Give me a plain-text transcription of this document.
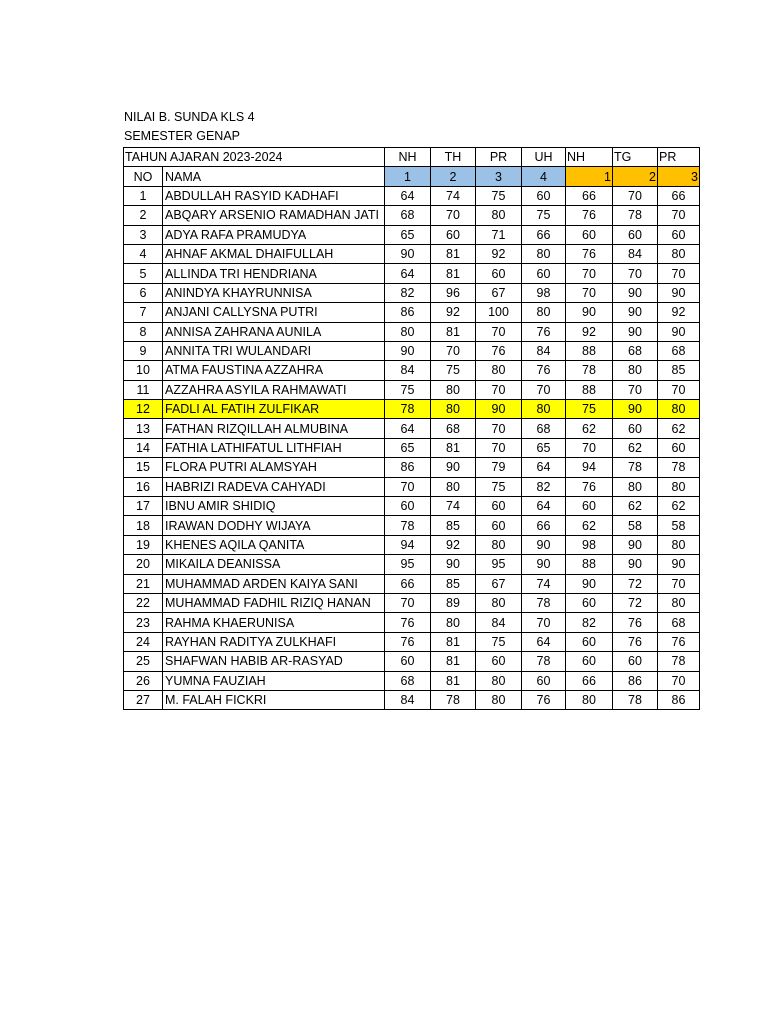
NILAI B. SUNDA KLS 4
SEMESTER GENAP
TAHUN AJARAN 2023-2024		NH	TH	PR	UH	NH	TG	PR
NO	NAMA	1	2	3	4	1	2	3
1	ABDULLAH RASYID KADHAFI	64	74	75	60	66	70	66
2	ABQARY ARSENIO RAMADHAN JATI	68	70	80	75	76	78	70
3	ADYA RAFA PRAMUDYA	65	60	71	66	60	60	60
4	AHNAF AKMAL DHAIFULLAH	90	81	92	80	76	84	80
5	ALLINDA TRI HENDRIANA	64	81	60	60	70	70	70
6	ANINDYA KHAYRUNNISA	82	96	67	98	70	90	90
7	ANJANI CALLYSNA PUTRI	86	92	100	80	90	90	92
8	ANNISA ZAHRANA AUNILA	80	81	70	76	92	90	90
9	ANNITA TRI WULANDARI	90	70	76	84	88	68	68
10	ATMA FAUSTINA AZZAHRA	84	75	80	76	78	80	85
11	AZZAHRA ASYILA RAHMAWATI	75	80	70	70	88	70	70
12	FADLI AL FATIH ZULFIKAR	78	80	90	80	75	90	80
13	FATHAN RIZQILLAH ALMUBINA	64	68	70	68	62	60	62
14	FATHIA LATHIFATUL LITHFIAH	65	81	70	65	70	62	60
15	FLORA PUTRI ALAMSYAH	86	90	79	64	94	78	78
16	HABRIZI RADEVA CAHYADI	70	80	75	82	76	80	80
17	IBNU AMIR SHIDIQ	60	74	60	64	60	62	62
18	IRAWAN DODHY WIJAYA	78	85	60	66	62	58	58
19	KHENES AQILA QANITA	94	92	80	90	98	90	80
20	MIKAILA DEANISSA	95	90	95	90	88	90	90
21	MUHAMMAD ARDEN KAIYA SANI	66	85	67	74	90	72	70
22	MUHAMMAD FADHIL RIZIQ HANAN	70	89	80	78	60	72	80
23	RAHMA KHAERUNISA	76	80	84	70	82	76	68
24	RAYHAN RADITYA ZULKHAFI	76	81	75	64	60	76	76
25	SHAFWAN HABIB AR-RASYAD	60	81	60	78	60	60	78
26	YUMNA FAUZIAH	68	81	80	60	66	86	70
27	M. FALAH FICKRI	84	78	80	76	80	78	86
